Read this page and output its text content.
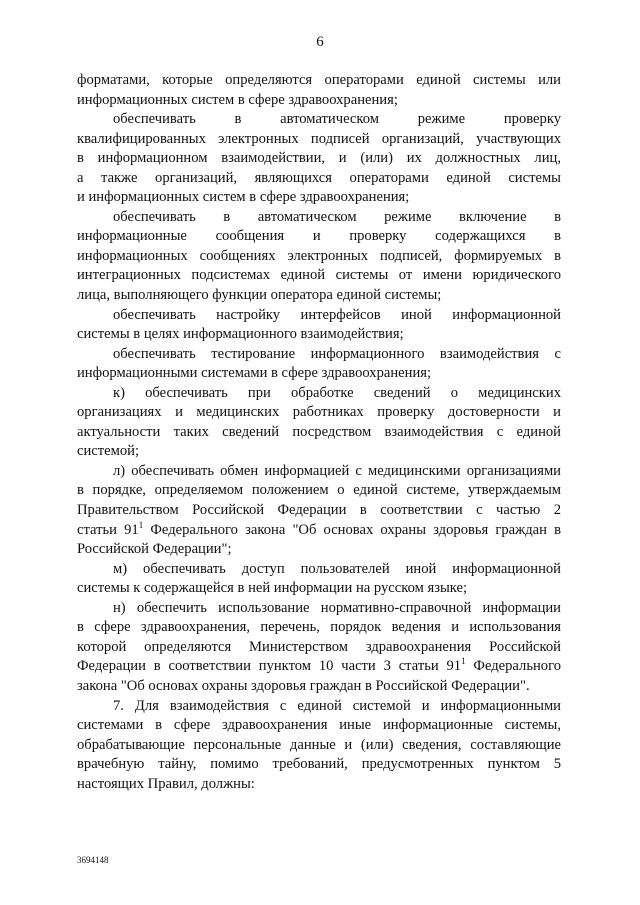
6
форматами, которые определяются операторами единой системы или
информационных систем в сфере здравоохранения;
обеспечивать в автоматическом режиме проверку
квалифицированных электронных подписей организаций, участвующих
в информационном взаимодействии, и (или) их должностных лиц,
а также организаций, являющихся операторами единой системы
и информационных систем в сфере здравоохранения;
обеспечивать в автоматическом режиме включение в
информационные сообщения и проверку содержащихся в
информационных сообщениях электронных подписей, формируемых в
интеграционных подсистемах единой системы от имени юридического
лица, выполняющего функции оператора единой системы;
обеспечивать настройку интерфейсов иной информационной
системы в целях информационного взаимодействия;
обеспечивать тестирование информационного взаимодействия с
информационными системами в сфере здравоохранения;
к) обеспечивать при обработке сведений о медицинских
организациях и медицинских работниках проверку достоверности и
актуальности таких сведений посредством взаимодействия с единой
системой;
л) обеспечивать обмен информацией с медицинскими организациями
в порядке, определяемом положением о единой системе, утверждаемым
Правительством Российской Федерации в соответствии с частью 2
статьи $91^1$ Федерального закона "Об основах охраны здоровья граждан в
Российской Федерации";
м) обеспечивать доступ пользователей иной информационной
системы к содержащейся в ней информации на русском языке;
н) обеспечить использование нормативно-справочной информации
в сфере здравоохранения, перечень, порядок ведения и использования
которой определяются Министерством здравоохранения Российской
Федерации в соответствии пунктом 10 части 3 статьи $91^1$ Федерального
закона "Об основах охраны здоровья граждан в Российской Федерации".
7. Для взаимодействия с единой системой и информационными
системами в сфере здравоохранения иные информационные системы,
обрабатывающие персональные данные и (или) сведения, составляющие
врачебную тайну, помимо требований, предусмотренных пунктом 5
настоящих Правил, должны:
3694148
